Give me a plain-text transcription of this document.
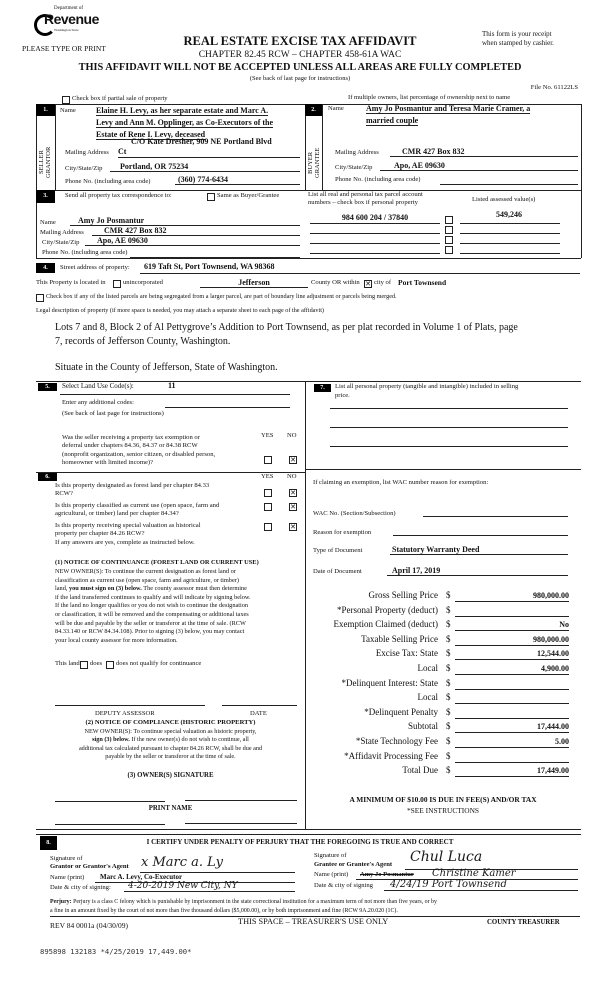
Department of
Revenue
Washington State
PLEASE TYPE OR PRINT
REAL ESTATE EXCISE TAX AFFIDAVIT
CHAPTER 82.45 RCW – CHAPTER 458-61A WAC
This form is your receipt
when stamped by cashier.
THIS AFFIDAVIT WILL NOT BE ACCEPTED UNLESS ALL AREAS ARE FULLY COMPLETED
(See back of last page for instructions)
File No. 61122LS
Check box if partial sale of property	If multiple owners, list percentage of ownership next to name
1.
SELLER
GRANTOR
Name	Elaine H. Levy, as her separate estate and Marc A.
Levy and Ann M. Opplinger, as Co-Executors of the
Estate of Rene I. Levy, deceased
C/O Kate Dresher, 909 NE Portland Blvd
Mailing Address Ct
City/State/Zip	Portland, OR 75234
Phone No. (including area code)	(360) 774-6434
2.
BUYER
GRANTEE
Name	Amy Jo Posmantur and Teresa Marie Cramer, a
married couple
Mailing Address	CMR 427 Box 832
City/State/Zip	Apo, AE 09630
Phone No. (including area code)
3.	Send all property tax correspondence to:	Same as Buyer/Grantee
Name	Amy Jo Posmantur
Mailing Address	CMR 427 Box 832
City/State/Zip	Apo, AE 09630
Phone No. (including area code)
List all real and personal tax parcel account
numbers – check box if personal property	Listed assessed value(s)
984 600 204 / 37840	549,246
4.	Street address of property: 619 Taft St, Port Townsend, WA 98368
This Property is located in	unincorporated	Jefferson	County OR within ✕ city of Port Townsend
Check box if any of the listed parcels are being segregated from a larger parcel, are part of boundary line adjustment or parcels being merged.
Legal description of property (if more space is needed, you may attach a separate sheet to each page of the affidavit)
Lots 7 and 8, Block 2 of Al Pettygrove’s Addition to Port Townsend, as per plat recorded in Volume 1 of Plats, page
7, records of Jefferson County, Washington.
Situate in the County of Jefferson, State of Washington.
5.	Select Land Use Code(s):	11
Enter any additional codes:
(See back of last page for instructions)
Was the seller receiving a property tax exemption or
deferral under chapters 84.36, 84.37 or 84.38 RCW
(nonprofit organization, senior citizen, or disabled person,
homeowner with limited income)?
YES NO
✕
6.	YES NO
Is this property designated as forest land per chapter 84.33
RCW?	✕
Is this property classified as current use (open space, farm and
agricultural, or timber) land per chapter 84.34?
✕
Is this property receiving special valuation as historical
property per chapter 84.26 RCW?
✕
If any answers are yes, complete as instructed below.
(1) NOTICE OF CONTINUANCE (FOREST LAND OR CURRENT USE)
NEW OWNER(S): To continue the current designation as forest land or
classification as current use (open space, farm and agriculture, or timber)
land, you must sign on (3) below. The county assessor must then determine
if the land transferred continues to qualify and will indicate by signing below.
If the land no longer qualifies or you do not wish to continue the designation
or classification, it will be removed and the compensating or additional taxes
will be due and payable by the seller or transferor at the time of sale. (RCW
84.33.140 or RCW 84.34.108). Prior to signing (3) below, you may contact
your local county assessor for more information.
This land does does not qualify for continuance
DEPUTY ASSESSOR	DATE
(2) NOTICE OF COMPLIANCE (HISTORIC PROPERTY)
NEW OWNER(S): To continue special valuation as historic property,
sign (3) below. If the new owner(s) do not wish to continue, all
additional tax calculated pursuant to chapter 84.26 RCW, shall be due and
payable by the seller or transferor at the time of sale.
(3) OWNER(S) SIGNATURE
PRINT NAME
7.	List all personal property (tangible and intangible) included in selling
price.
If claiming an exemption, list WAC number reason for exemption:
WAC No. (Section/Subsection)
Reason for exemption
Type of Document	Statutory Warranty Deed
Date of Document	April 17, 2019
Gross Selling Price $	980,000.00
*Personal Property (deduct) $
Exemption Claimed (deduct) $	No
Taxable Selling Price $	980,000.00
Excise Tax: State $	12,544.00
Local $	4,900.00
*Delinquent Interest: State $
Local $
*Delinquent Penalty $
Subtotal $	17,444.00
*State Technology Fee $	5.00
*Affidavit Processing Fee $
Total Due $	17,449.00
A MINIMUM OF $10.00 IS DUE IN FEE(S) AND/OR TAX
*SEE INSTRUCTIONS
8.	I CERTIFY UNDER PENALTY OF PERJURY THAT THE FOREGOING IS TRUE AND CORRECT
Signature of
Grantor or Grantor's Agent x Marc a. Ly
Name (print) Marc A. Levy, Co-Executor
Date & city of signing: 4-20-2019 New City, NY
Signature of
Grantee or Grantee's Agent Chul Luca
Name (print) Amy Jo Posmantur Christine Kamer
Date & city of signing 4/24/19 Port Townsend
Perjury: Perjury is a class C felony which is punishable by imprisonment in the state correctional institution for a maximum term of not more than five years, or by
a fine in an amount fixed by the court of not more than five thousand dollars ($5,000.00), or by both imprisonment and fine (RCW 9A.20.020 (1C).
REV 84 0001a (04/30/09)	THIS SPACE – TREASURER'S USE ONLY	COUNTY TREASURER
895898 132183 *4/25/2019 17,449.00*
